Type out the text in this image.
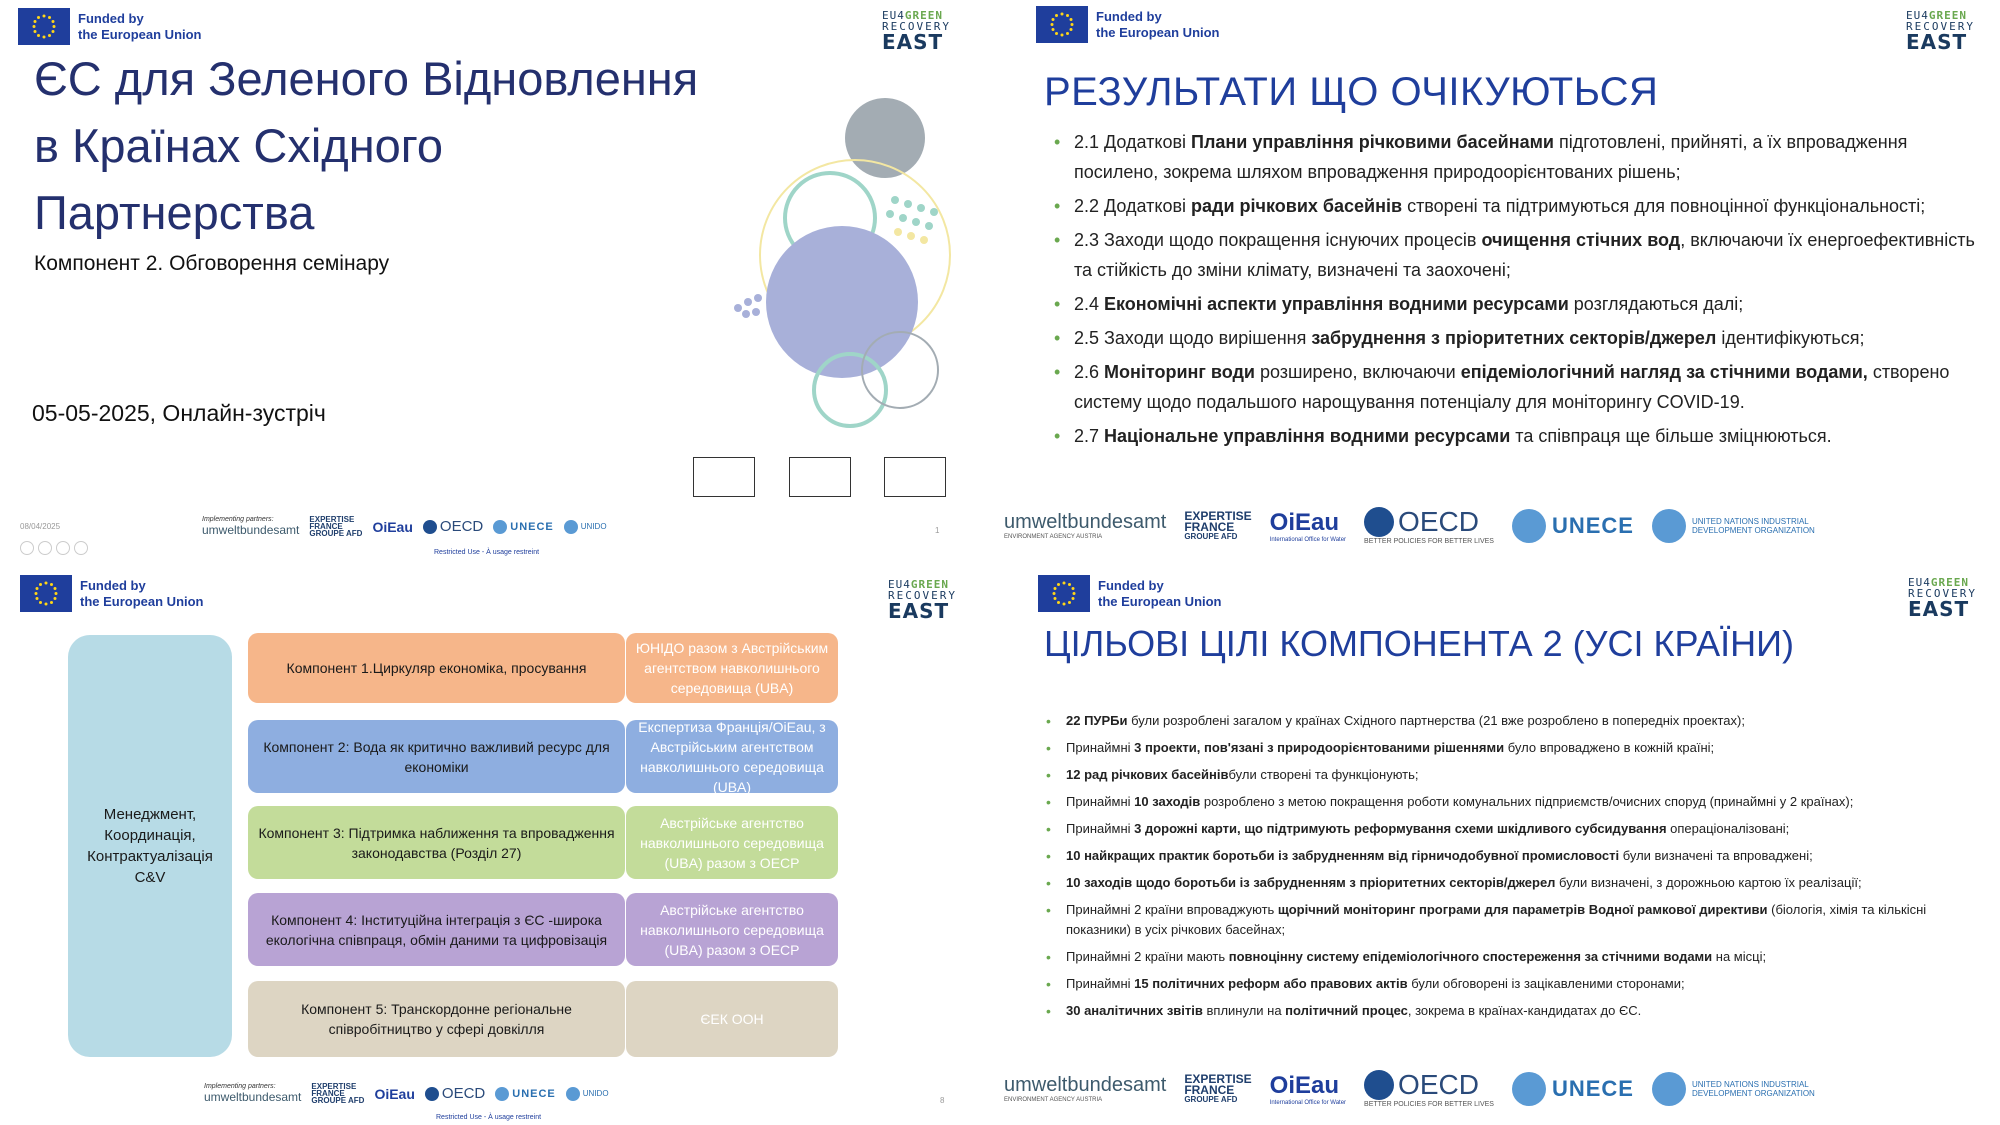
Funded by
the European Union
EU4GREEN
RECOVERY
EAST
ЄС для Зеленого Відновлення
в Країнах Східного
Партнерства
Компонент 2. Обговорення семінару
05-05-2025, Онлайн-зустріч
08/04/2025	1
Implementing partners:
umweltbundesamt
EXPERTISE
FRANCE
GROUPE AFD OiEau OECD UNECE	UNIDO
Restricted Use - À usage restreint
Funded by
the European Union
EU4GREEN
RECOVERY
EAST
РЕЗУЛЬТАТИ ЩО ОЧІКУЮТЬСЯ
• 2.1 Додаткові Плани управління річковими басейнами підготовлені, прийняті, а їх впровадження посилено, зокрема шляхом впровадження природоорієнтованих рішень;
• 2.2 Додаткові ради річкових басейнів створені та підтримуються для повноцінної функціональності;
• 2.3 Заходи щодо покращення існуючих процесів очищення стічних вод, включаючи їх енергоефективність та стійкість до зміни клімату, визначені та заохочені;
• 2.4 Економічні аспекти управління водними ресурсами розглядаються далі;
• 2.5 Заходи щодо вирішення забруднення з пріоритетних секторів/джерел ідентифікуються;
• 2.6 Моніторинг води розширено, включаючи епідеміологічний нагляд за стічними водами, створено систему щодо подальшого нарощування потенціалу для моніторингу COVID-19.
• 2.7 Національне управління водними ресурсами та співпраця ще більше зміцнюються.
umweltbundesamt
ENVIRONMENT AGENCY AUSTRIA
EXPERTISE
FRANCE
GROUPE AFD
OiEau
International Office for Water
OECD
BETTER POLICIES FOR BETTER LIVES
UNECE	UNITED NATIONS INDUSTRIAL DEVELOPMENT ORGANIZATION
Funded by
the European Union
EU4GREEN
RECOVERY
EAST
Менеджмент, Координація, Контрактуалізація C&V
Компонент 1.Циркуляр економіка, просування
ЮНІДО разом з Австрійським агентством навколишнього середовища (UBA)
Компонент 2: Вода як критично важливий ресурс для економіки
Експертиза Франція/OiEau, з Австрійським агентством навколишнього середовища (UBA)
Компонент 3: Підтримка наближення та впровадження законодавства (Розділ 27)
Австрійське агентство навколишнього середовища (UBA) разом з ОЕСР
Компонент 4: Інституційна інтеграція з ЄС -широка екологічна співпраця, обмін даними та цифровізація
Австрійське агентство навколишнього середовища (UBA) разом з ОЕСР
Компонент 5: Транскордонне регіональне співробітництво у сфері довкілля
ЄЕК ООН
8
Implementing partners:
umweltbundesamt
EXPERTISE
FRANCE
GROUPE AFD OiEau OECD UNECE	UNIDO
Restricted Use - À usage restreint
Funded by
the European Union
EU4GREEN
RECOVERY
EAST
ЦІЛЬОВІ ЦІЛІ КОМПОНЕНТА 2 (УСІ КРАЇНИ)
• 22 ПУРБи були розроблені загалом у країнах Східного партнерства (21 вже розроблено в попередніх проектах);
• Принаймні 3 проекти, пов'язані з природоорієнтованими рішеннями було впроваджено в кожній країні;
• 12 рад річкових басейнівбули створені та функціонують;
• Принаймні 10 заходів розроблено з метою покращення роботи комунальних підприємств/очисних споруд (принаймні у 2 країнах);
• Принаймні 3 дорожні карти, що підтримують реформування схеми шкідливого субсидування операціоналізовані;
• 10 найкращих практик боротьби із забрудненням від гірничодобувної промисловості були визначені та впроваджені;
• 10 заходів щодо боротьби із забрудненням з пріоритетних секторів/джерел були визначені, з дорожньою картою їх реалізації;
• Принаймні 2 країни впроваджують щорічний моніторинг програми для параметрів Водної рамкової директиви (біологія, хімія та кількісні показники) в усіх річкових басейнах;
• Принаймні 2 країни мають повноцінну систему епідеміологічного спостереження за стічними водами на місці;
• Принаймні 15 політичних реформ або правових актів були обговорені із зацікавленими сторонами;
• 30 аналітичних звітів вплинули на політичний процес, зокрема в країнах-кандидатах до ЄС.
umweltbundesamt
ENVIRONMENT AGENCY AUSTRIA
EXPERTISE
FRANCE
GROUPE AFD
OiEau
International Office for Water
OECD
BETTER POLICIES FOR BETTER LIVES
UNECE	UNITED NATIONS INDUSTRIAL DEVELOPMENT ORGANIZATION
